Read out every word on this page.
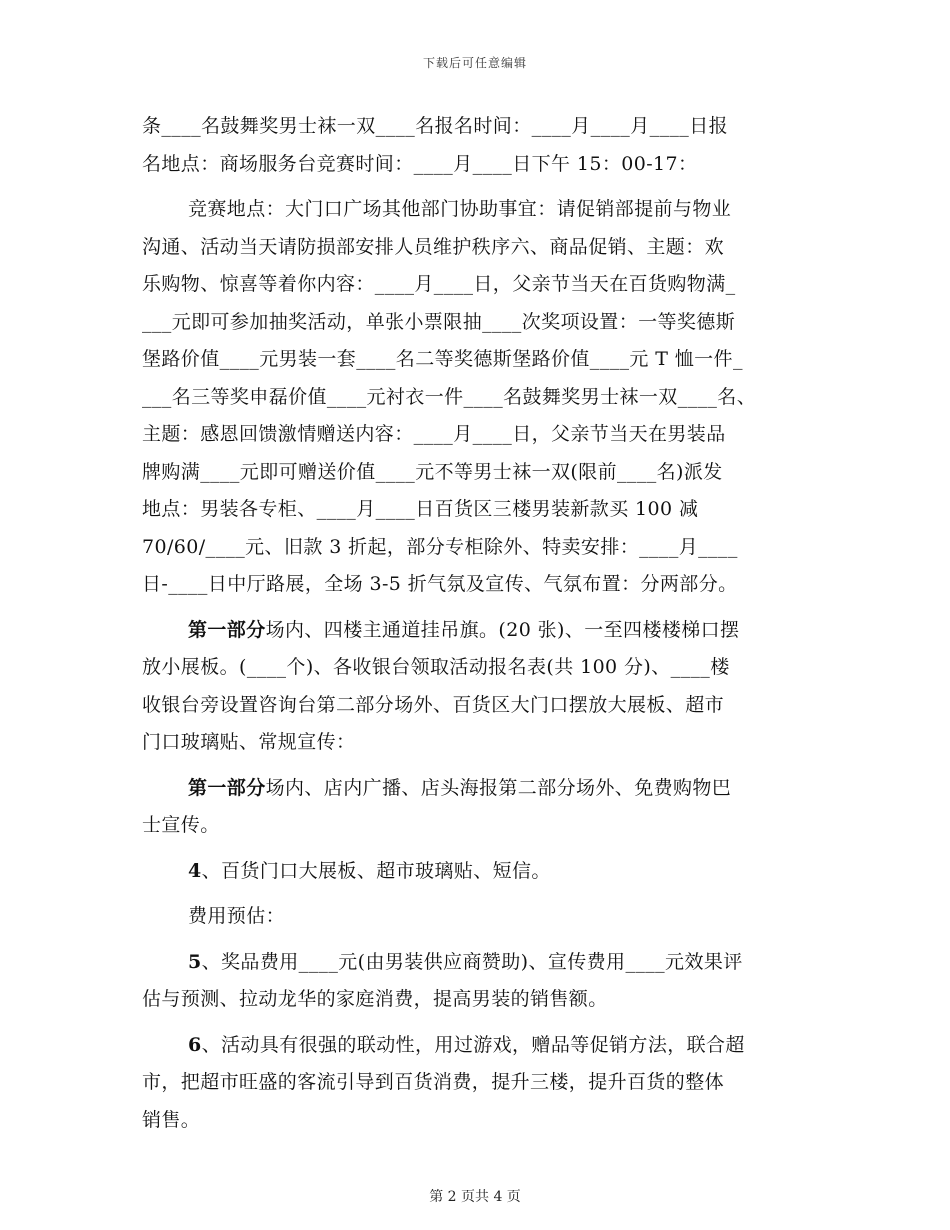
下载后可任意编辑
条____名鼓舞奖男士袜一双____名报名时间：____月____月____日报
名地点：商场服务台竞赛时间：____月____日下午 15：00-17：
竞赛地点：大门口广场其他部门协助事宜：请促销部提前与物业
沟通、活动当天请防损部安排人员维护秩序六、商品促销、主题：欢
乐购物、惊喜等着你内容：____月____日，父亲节当天在百货购物满_
___元即可参加抽奖活动，单张小票限抽____次奖项设置：一等奖德斯
堡路价值____元男装一套____名二等奖德斯堡路价值____元 T 恤一件_
___名三等奖申磊价值____元衬衣一件____名鼓舞奖男士袜一双____名、
主题：感恩回馈激情赠送内容：____月____日，父亲节当天在男装品
牌购满____元即可赠送价值____元不等男士袜一双(限前____名)派发
地点：男装各专柜、____月____日百货区三楼男装新款买 100 减
70/60/____元、旧款 3 折起，部分专柜除外、特卖安排：____月____
日-____日中厅路展，全场 3-5 折气氛及宣传、气氛布置：分两部分。
第一部分场内、四楼主通道挂吊旗。(20 张)、一至四楼楼梯口摆
放小展板。(____个)、各收银台领取活动报名表(共 100 分)、____楼
收银台旁设置咨询台第二部分场外、百货区大门口摆放大展板、超市
门口玻璃贴、常规宣传：
第一部分场内、店内广播、店头海报第二部分场外、免费购物巴
士宣传。
4、百货门口大展板、超市玻璃贴、短信。
费用预估：
5、奖品费用____元(由男装供应商赞助)、宣传费用____元效果评
估与预测、拉动龙华的家庭消费，提高男装的销售额。
6、活动具有很强的联动性，用过游戏，赠品等促销方法，联合超
市，把超市旺盛的客流引导到百货消费，提升三楼，提升百货的整体
销售。
第 2 页共 4 页
